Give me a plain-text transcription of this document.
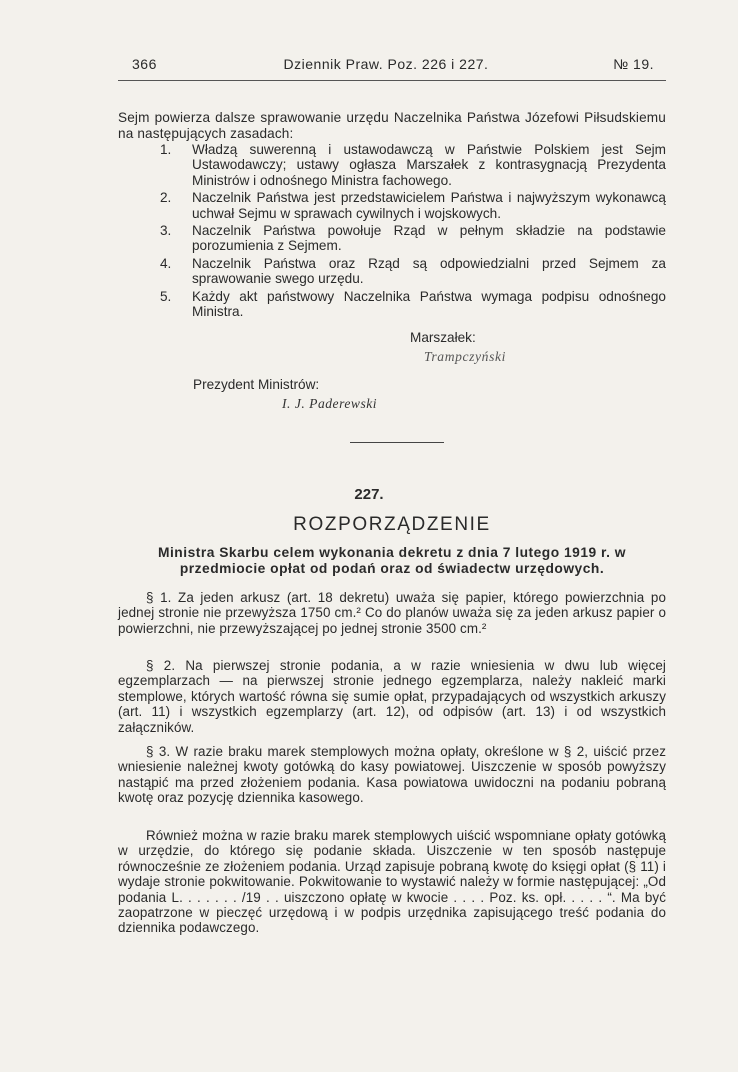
366	Dziennik Praw. Poz. 226 i 227.	№ 19.
Sejm powierza dalsze sprawowanie urzędu Naczelnika Państwa Józefowi Piłsudskiemu na następujących zasadach:
1. Władzą suwerenną i ustawodawczą w Państwie Polskiem jest Sejm Ustawodawczy; ustawy ogłasza Marszałek z kontrasygnacją Prezydenta Ministrów i odnośnego Ministra fachowego.
2. Naczelnik Państwa jest przedstawicielem Państwa i najwyższym wykonawcą uchwał Sejmu w sprawach cywilnych i wojskowych.
3. Naczelnik Państwa powołuje Rząd w pełnym składzie na podstawie porozumienia z Sejmem.
4. Naczelnik Państwa oraz Rząd są odpowiedzialni przed Sejmem za sprawowanie swego urzędu.
5. Każdy akt państwowy Naczelnika Państwa wymaga podpisu odnośnego Ministra.
Marszałek:
Trampczyński
Prezydent Ministrów:
I. J. Paderewski
227.
ROZPORZĄDZENIE
Ministra Skarbu celem wykonania dekretu z dnia 7 lutego 1919 r. w przedmiocie opłat od podań oraz od świadectw urzędowych.
§ 1. Za jeden arkusz (art. 18 dekretu) uważa się papier, którego powierzchnia po jednej stronie nie przewyższa 1750 cm.² Co do planów uważa się za jeden arkusz papier o powierzchni, nie przewyższającej po jednej stronie 3500 cm.²
§ 2. Na pierwszej stronie podania, a w razie wniesienia w dwu lub więcej egzemplarzach — na pierwszej stronie jednego egzemplarza, należy nakleić marki stemplowe, których wartość równa się sumie opłat, przypadających od wszystkich arkuszy (art. 11) i wszystkich egzemplarzy (art. 12), od odpisów (art. 13) i od wszystkich załączników.
§ 3. W razie braku marek stemplowych można opłaty, określone w § 2, uiścić przez wniesienie należnej kwoty gotówką do kasy powiatowej. Uiszczenie w sposób powyższy nastąpić ma przed złożeniem podania. Kasa powiatowa uwidoczni na podaniu pobraną kwotę oraz pozycję dziennika kasowego.
Również można w razie braku marek stemplowych uiścić wspomniane opłaty gotówką w urzędzie, do którego się podanie składa. Uiszczenie w ten sposób następuje równocześnie ze złożeniem podania. Urząd zapisuje pobraną kwotę do księgi opłat (§ 11) i wydaje stronie pokwitowanie. Pokwitowanie to wystawić należy w formie następującej: „Od podania L. . . . . . . /19 . . uiszczono opłatę w kwocie . . . . Poz. ks. opł. . . . . “. Ma być zaopatrzone w pieczęć urzędową i w podpis urzędnika zapisującego treść podania do dziennika podawczego.
